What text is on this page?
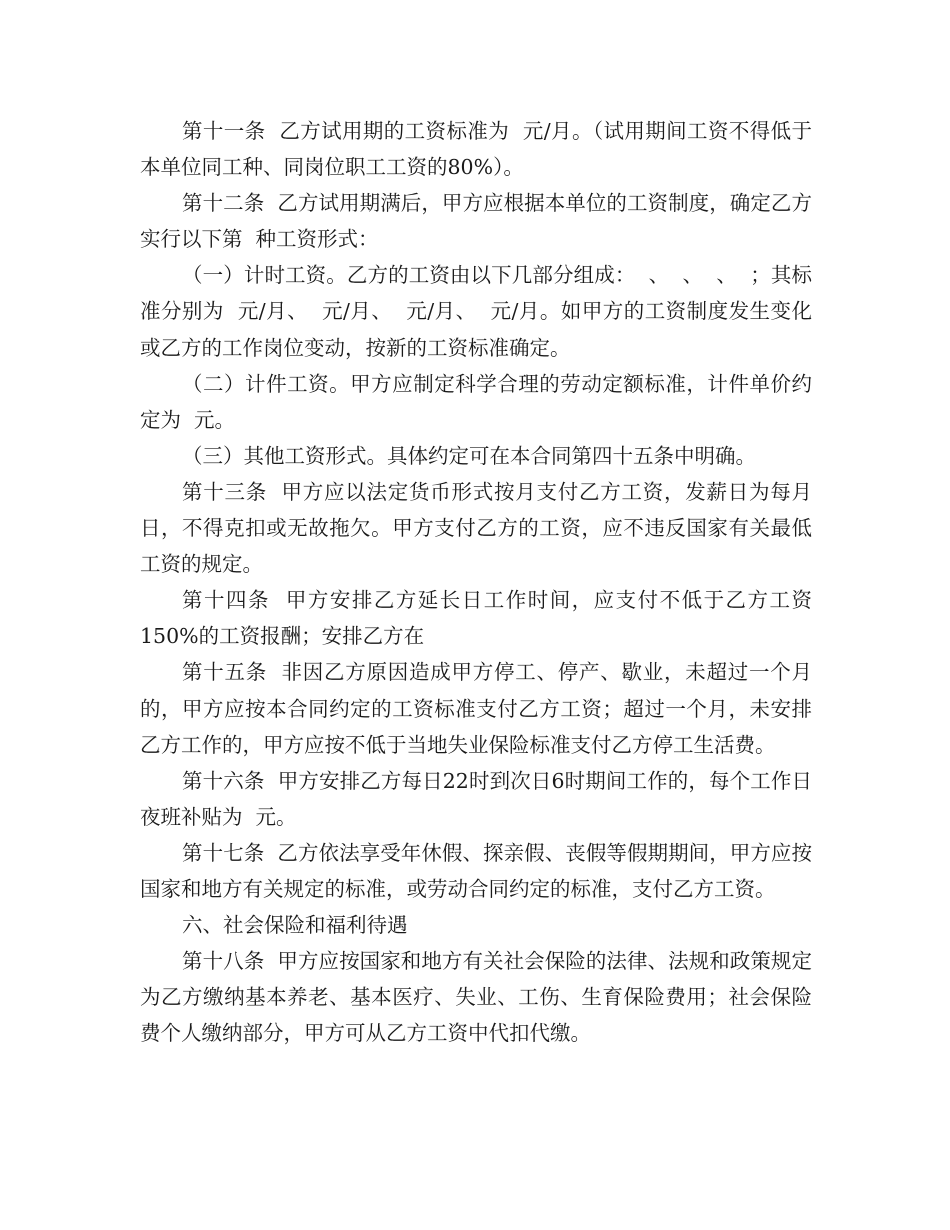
第十一条  乙方试用期的工资标准为  元/月。（试用期间工资不得低于本单位同工种、同岗位职工工资的80%）。

第十二条  乙方试用期满后，甲方应根据本单位的工资制度，确定乙方实行以下第  种工资形式：

（一）计时工资。乙方的工资由以下几部分组成：  、  、  、  ；其标准分别为  元/月、  元/月、  元/月、  元/月。如甲方的工资制度发生变化或乙方的工作岗位变动，按新的工资标准确定。

（二）计件工资。甲方应制定科学合理的劳动定额标准，计件单价约定为  元。

（三）其他工资形式。具体约定可在本合同第四十五条中明确。

第十三条  甲方应以法定货币形式按月支付乙方工资，发薪日为每月  日，不得克扣或无故拖欠。甲方支付乙方的工资，应不违反国家有关最低工资的规定。

第十四条  甲方安排乙方延长日工作时间，应支付不低于乙方工资150%的工资报酬；安排乙方在

第十五条  非因乙方原因造成甲方停工、停产、歇业，未超过一个月的，甲方应按本合同约定的工资标准支付乙方工资；超过一个月，未安排乙方工作的，甲方应按不低于当地失业保险标准支付乙方停工生活费。

第十六条  甲方安排乙方每日22时到次日6时期间工作的，每个工作日夜班补贴为  元。

第十七条  乙方依法享受年休假、探亲假、丧假等假期期间，甲方应按国家和地方有关规定的标准，或劳动合同约定的标准，支付乙方工资。

六、社会保险和福利待遇

第十八条  甲方应按国家和地方有关社会保险的法律、法规和政策规定为乙方缴纳基本养老、基本医疗、失业、工伤、生育保险费用；社会保险费个人缴纳部分，甲方可从乙方工资中代扣代缴。
